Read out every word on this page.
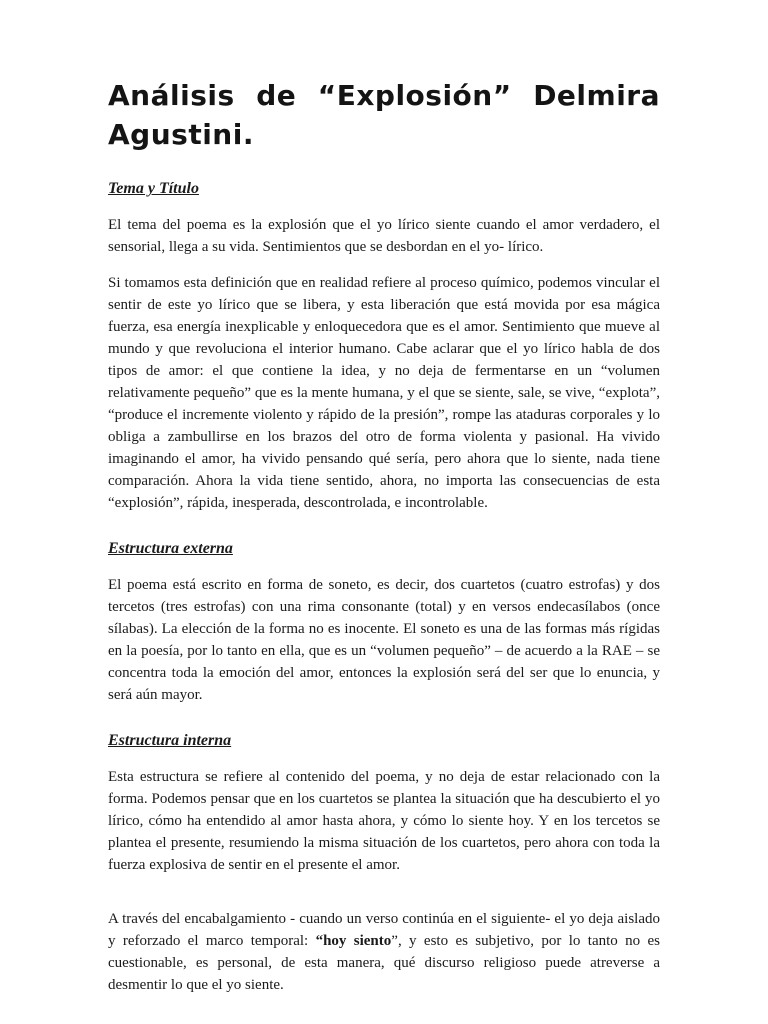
Análisis de “Explosión” Delmira Agustini.
Tema y Título

El tema del poema es la explosión que el yo lírico siente cuando el amor verdadero, el sensorial, llega a su vida. Sentimientos que se desbordan en el yo- lírico.

Si tomamos esta definición que en realidad refiere al proceso químico, podemos vincular el sentir de este yo lírico que se libera, y esta liberación que está movida por esa mágica fuerza, esa energía inexplicable y enloquecedora que es el amor. Sentimiento que mueve al mundo y que revoluciona el interior humano. Cabe aclarar que el yo lírico habla de dos tipos de amor: el que contiene la idea, y no deja de fermentarse en un “volumen relativamente pequeño” que es la mente humana, y el que se siente, sale, se vive, “explota”, “produce el incremente violento y rápido de la presión”, rompe las ataduras corporales y lo obliga a zambullirse en los brazos del otro de forma violenta y pasional. Ha vivido imaginando el amor, ha vivido pensando qué sería, pero ahora que lo siente, nada tiene comparación. Ahora la vida tiene sentido, ahora, no importa las consecuencias de esta “explosión”, rápida, inesperada, descontrolada, e incontrolable.

Estructura externa

El poema está escrito en forma de soneto, es decir, dos cuartetos (cuatro estrofas) y dos tercetos (tres estrofas) con una rima consonante (total) y en versos endecasílabos (once sílabas). La elección de la forma no es inocente. El soneto es una de las formas más rígidas en la poesía, por lo tanto en ella, que es un “volumen pequeño” – de acuerdo a la RAE – se concentra toda la emoción del amor, entonces la explosión será del ser que lo enuncia, y será aún mayor.

Estructura interna

Esta estructura se refiere al contenido del poema, y no deja de estar relacionado con la forma. Podemos pensar que en los cuartetos se plantea la situación que ha descubierto el yo lírico, cómo ha entendido al amor hasta ahora, y cómo lo siente hoy. Y en los tercetos se plantea el presente, resumiendo la misma situación de los cuartetos, pero ahora con toda la fuerza explosiva de sentir en el presente el amor.

A través del encabalgamiento - cuando un verso continúa en el siguiente- el yo deja aislado y reforzado el marco temporal: “hoy siento”, y esto es subjetivo, por lo tanto no es cuestionable, es personal, de esta manera, qué discurso religioso puede atreverse a desmentir lo que el yo siente.
